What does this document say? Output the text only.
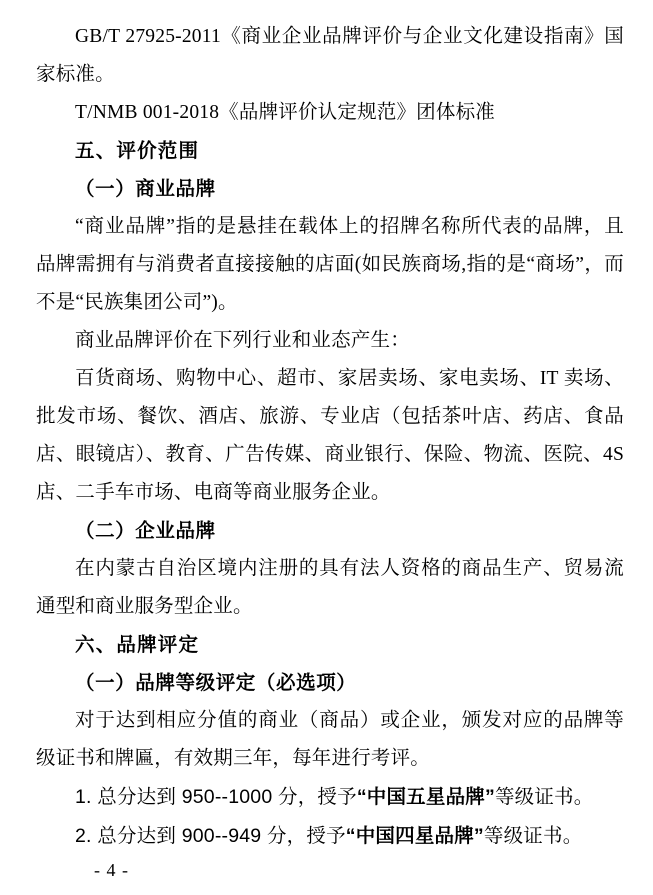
GB/T 27925-2011《商业企业品牌评价与企业文化建设指南》国家标准。

T/NMB 001-2018《品牌评价认定规范》团体标准

五、评价范围

（一）商业品牌

“商业品牌”指的是悬挂在载体上的招牌名称所代表的品牌，且品牌需拥有与消费者直接接触的店面(如民族商场,指的是“商场”，而不是“民族集团公司”)。

商业品牌评价在下列行业和业态产生：

百货商场、购物中心、超市、家居卖场、家电卖场、IT 卖场、批发市场、餐饮、酒店、旅游、专业店（包括茶叶店、药店、食品店、眼镜店）、教育、广告传媒、商业银行、保险、物流、医院、4S 店、二手车市场、电商等商业服务企业。

（二）企业品牌

在内蒙古自治区境内注册的具有法人资格的商品生产、贸易流通型和商业服务型企业。

六、品牌评定

（一）品牌等级评定（必选项）

对于达到相应分值的商业（商品）或企业，颁发对应的品牌等级证书和牌匾，有效期三年，每年进行考评。

1. 总分达到 950--1000 分，授予“中国五星品牌”等级证书。

2. 总分达到 900--949 分，授予“中国四星品牌”等级证书。

- 4 -
